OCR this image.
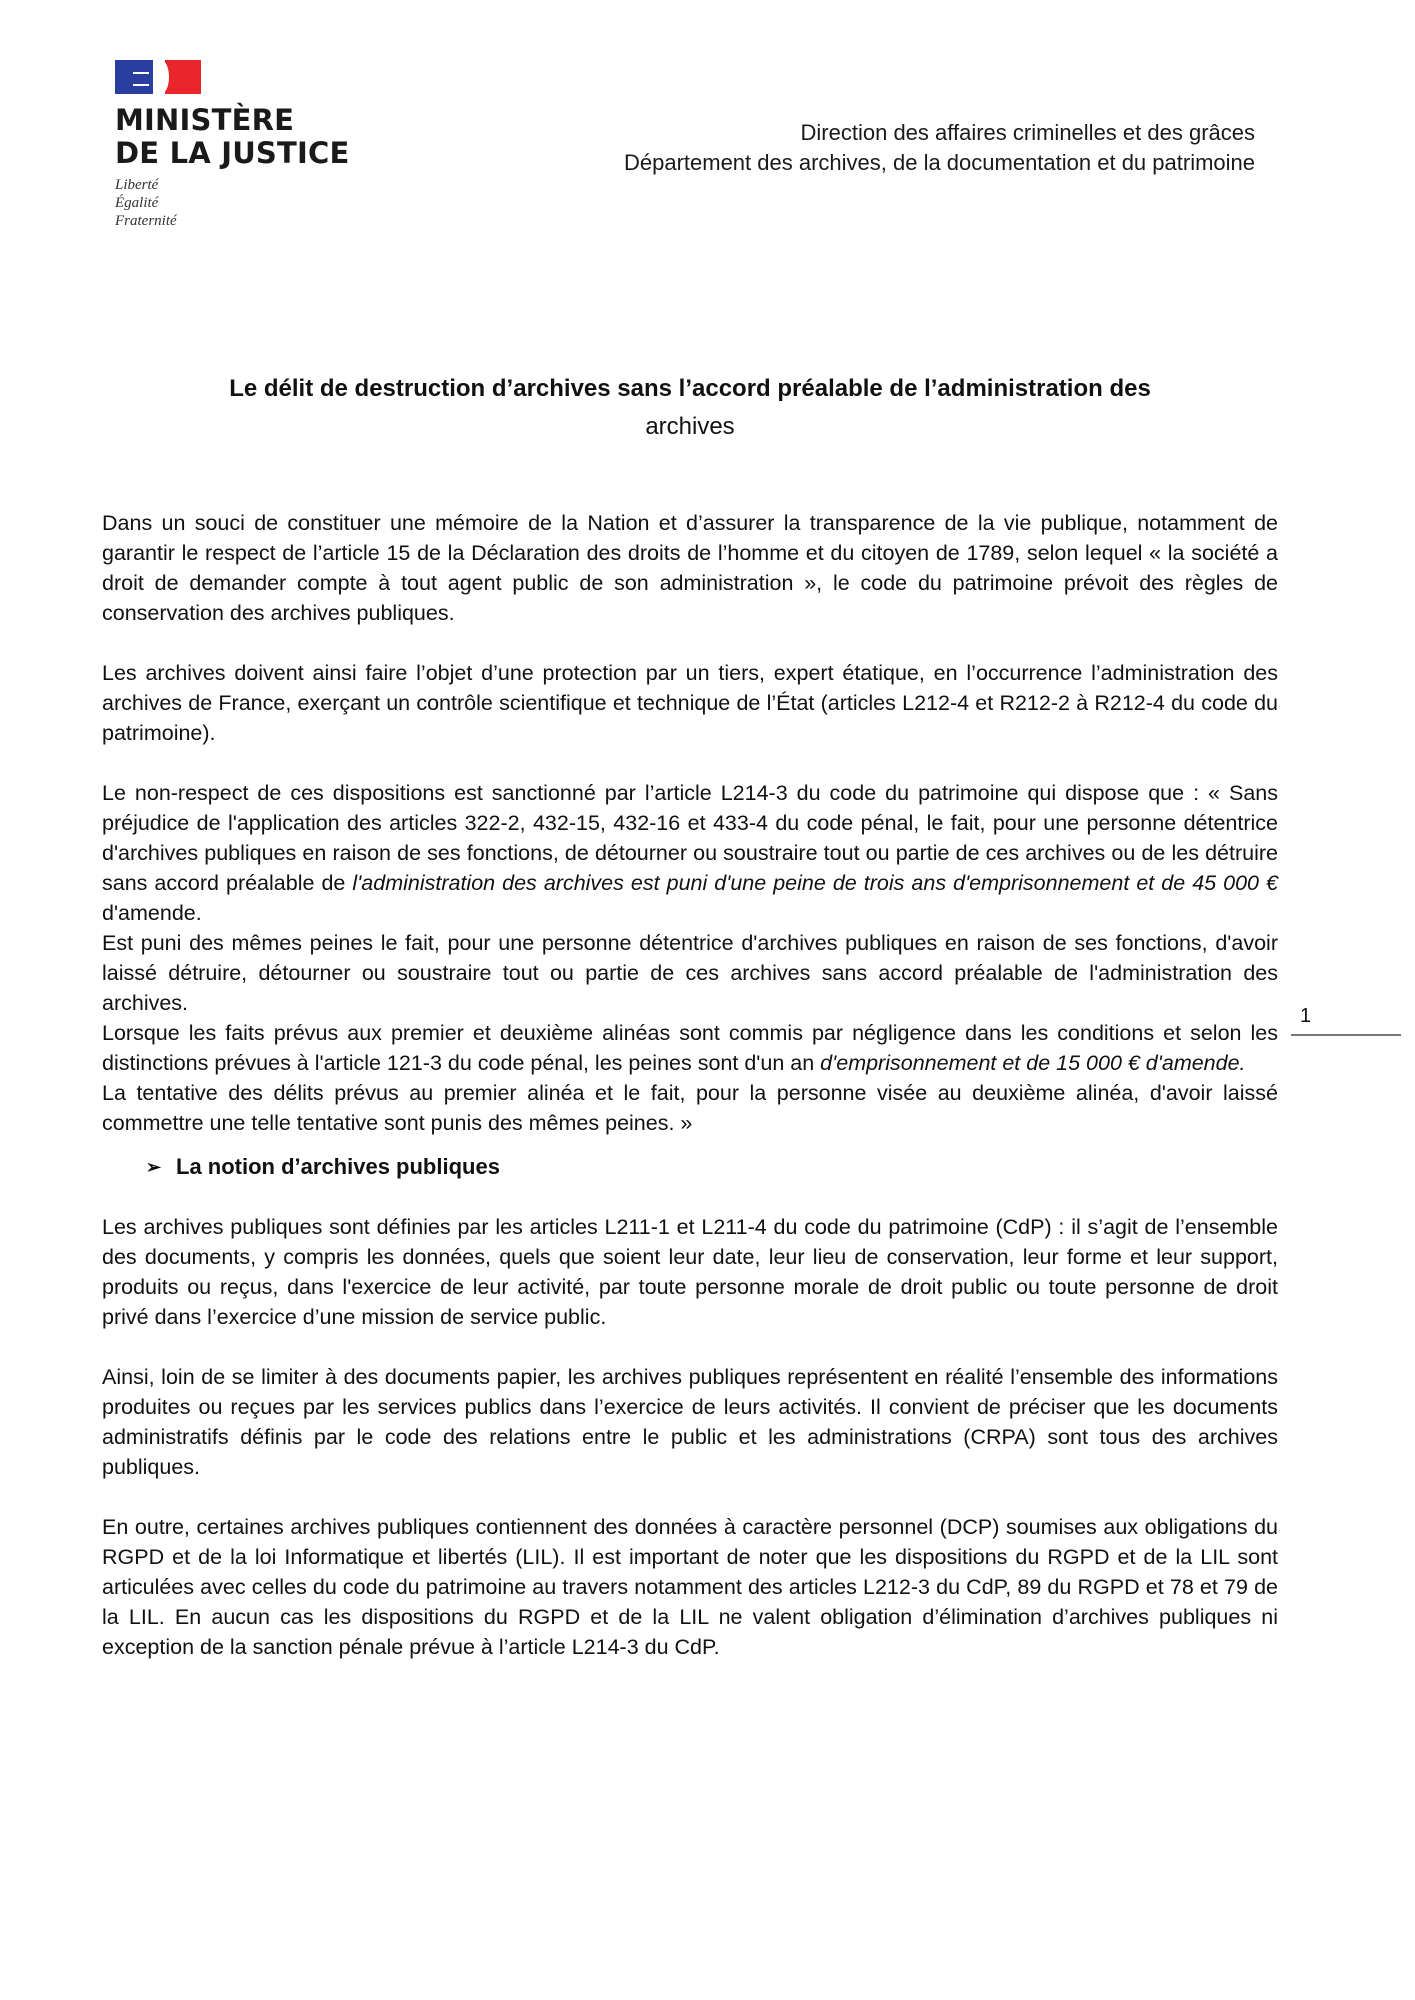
MINISTÈRE
DE LA JUSTICE
Liberté
Égalité
Fraternité
Direction des affaires criminelles et des grâces
Département des archives, de la documentation et du patrimoine
Le délit de destruction d’archives sans l’accord préalable de l’administration des
archives

Dans un souci de constituer une mémoire de la Nation et d’assurer la transparence de la vie publique, notamment de garantir le respect de l’article 15 de la Déclaration des droits de l’homme et du citoyen de 1789, selon lequel « la société a droit de demander compte à tout agent public de son administration », le code du patrimoine prévoit des règles de conservation des archives publiques.

Les archives doivent ainsi faire l’objet d’une protection par un tiers, expert étatique, en l’occurrence l’administration des archives de France, exerçant un contrôle scientifique et technique de l’État (articles L212-4 et R212-2 à R212-4 du code du patrimoine).

Le non-respect de ces dispositions est sanctionné par l’article L214-3 du code du patrimoine qui dispose que : « Sans préjudice de l'application des articles 322-2, 432-15, 432-16 et 433-4 du code pénal, le fait, pour une personne détentrice d'archives publiques en raison de ses fonctions, de détourner ou soustraire tout ou partie de ces archives ou de les détruire sans accord préalable de l'administration des archives est puni d'une peine de trois ans d'emprisonnement et de 45 000 € d'amende.

Est puni des mêmes peines le fait, pour une personne détentrice d'archives publiques en raison de ses fonctions, d'avoir laissé détruire, détourner ou soustraire tout ou partie de ces archives sans accord préalable de l'administration des archives.

Lorsque les faits prévus aux premier et deuxième alinéas sont commis par négligence dans les conditions et selon les distinctions prévues à l'article 121-3 du code pénal, les peines sont d'un an d'emprisonnement et de 15 000 € d'amende.

La tentative des délits prévus au premier alinéa et le fait, pour la personne visée au deuxième alinéa, d'avoir laissé commettre une telle tentative sont punis des mêmes peines. »

➢ La notion d’archives publiques

Les archives publiques sont définies par les articles L211-1 et L211-4 du code du patrimoine (CdP) : il s’agit de l’ensemble des documents, y compris les données, quels que soient leur date, leur lieu de conservation, leur forme et leur support, produits ou reçus, dans l'exercice de leur activité, par toute personne morale de droit public ou toute personne de droit privé dans l’exercice d’une mission de service public.

Ainsi, loin de se limiter à des documents papier, les archives publiques représentent en réalité l’ensemble des informations produites ou reçues par les services publics dans l’exercice de leurs activités. Il convient de préciser que les documents administratifs définis par le code des relations entre le public et les administrations (CRPA) sont tous des archives publiques.

En outre, certaines archives publiques contiennent des données à caractère personnel (DCP) soumises aux obligations du RGPD et de la loi Informatique et libertés (LIL). Il est important de noter que les dispositions du RGPD et de la LIL sont articulées avec celles du code du patrimoine au travers notamment des articles L212-3 du CdP, 89 du RGPD et 78 et 79 de la LIL. En aucun cas les dispositions du RGPD et de la LIL ne valent obligation d’élimination d’archives publiques ni exception de la sanction pénale prévue à l’article L214-3 du CdP.

1
